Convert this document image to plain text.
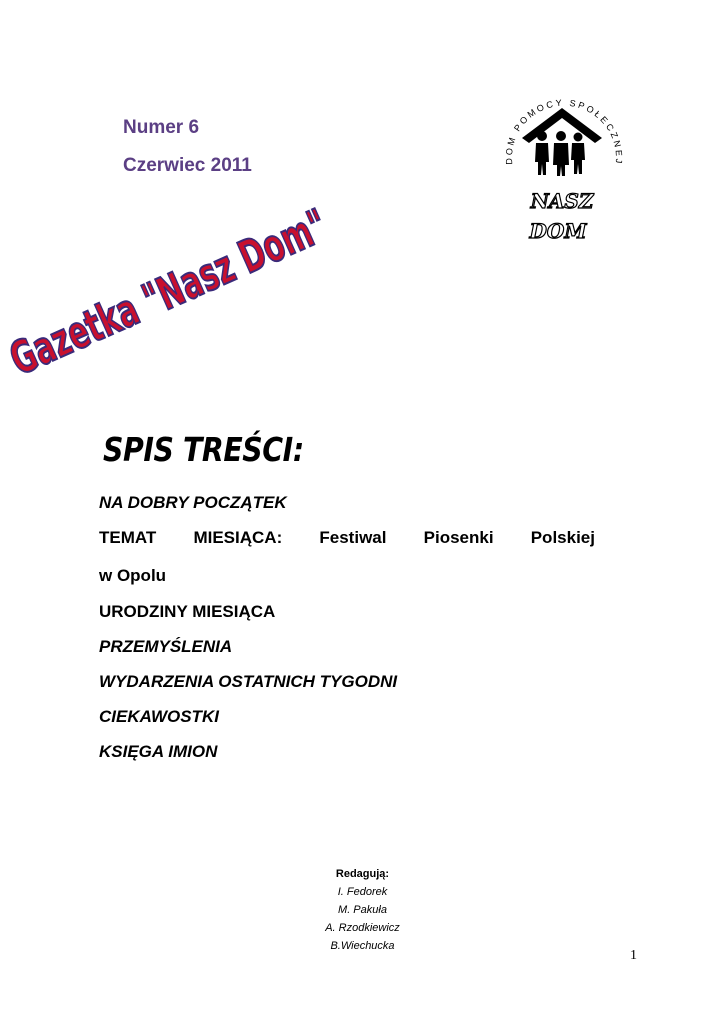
Numer 6
Czerwiec 2011	DOM POMOCY SPOŁECZNEJ
NASZ
DOM
Gazetka "Nasz Dom"
SPIS TREŚCI:
NA DOBRY POCZĄTEK
TEMAT MIESIĄCA: Festiwal Piosenki Polskiej
w Opolu
URODZINY MIESIĄCA
PRZEMYŚLENIA
WYDARZENIA OSTATNICH TYGODNI
CIEKAWOSTKI
KSIĘGA IMION
Redagują:
I. Fedorek
M. Pakuła
A. Rzodkiewicz
B.Wiechucka
1
